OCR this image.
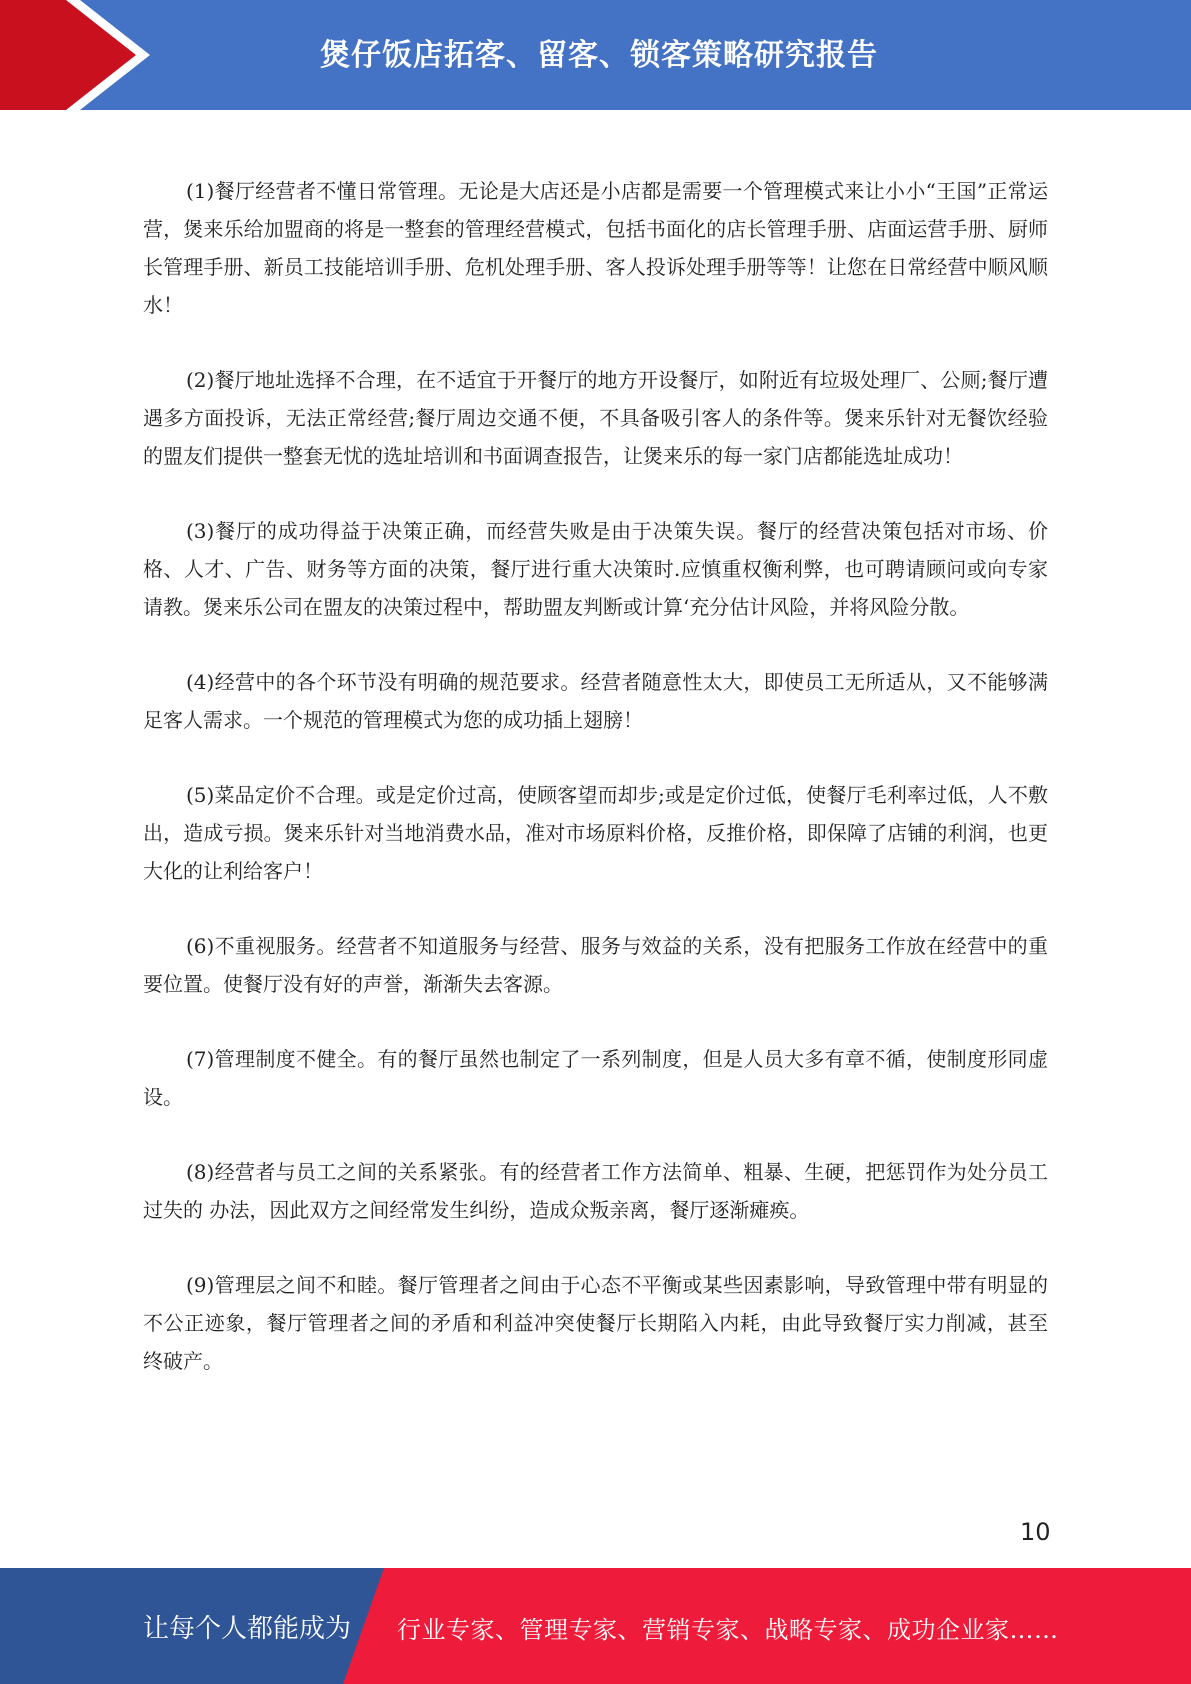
煲仔饭店拓客、留客、锁客策略研究报告

(1)餐厅经营者不懂日常管理。无论是大店还是小店都是需要一个管理模式来让小小“王国”正常运营，煲来乐给加盟商的将是一整套的管理经营模式，包括书面化的店长管理手册、店面运营手册、厨师长管理手册、新员工技能培训手册、危机处理手册、客人投诉处理手册等等！让您在日常经营中顺风顺水！

(2)餐厅地址选择不合理，在不适宜于开餐厅的地方开设餐厅，如附近有垃圾处理厂、公厕;餐厅遭遇多方面投诉，无法正常经营;餐厅周边交通不便，不具备吸引客人的条件等。煲来乐针对无餐饮经验的盟友们提供一整套无忧的选址培训和书面调查报告，让煲来乐的每一家门店都能选址成功！

(3)餐厅的成功得益于决策正确，而经营失败是由于决策失误。餐厅的经营决策包括对市场、价格、人才、广告、财务等方面的决策，餐厅进行重大决策时.应慎重权衡利弊，也可聘请顾问或向专家请教。煲来乐公司在盟友的决策过程中，帮助盟友判断或计算‘充分估计风险，并将风险分散。

(4)经营中的各个环节没有明确的规范要求。经营者随意性太大，即使员工无所适从，又不能够满足客人需求。一个规范的管理模式为您的成功插上翅膀！

(5)菜品定价不合理。或是定价过高，使顾客望而却步;或是定价过低，使餐厅毛利率过低，人不敷出，造成亏损。煲来乐针对当地消费水品，准对市场原料价格，反推价格，即保障了店铺的利润，也更大化的让利给客户！

(6)不重视服务。经营者不知道服务与经营、服务与效益的关系，没有把服务工作放在经营中的重要位置。使餐厅没有好的声誉，渐渐失去客源。

(7)管理制度不健全。有的餐厅虽然也制定了一系列制度，但是人员大多有章不循，使制度形同虚设。

(8)经营者与员工之间的关系紧张。有的经营者工作方法简单、粗暴、生硬，把惩罚作为处分员工过失的 办法，因此双方之间经常发生纠纷，造成众叛亲离，餐厅逐渐瘫痪。

(9)管理层之间不和睦。餐厅管理者之间由于心态不平衡或某些因素影响，导致管理中带有明显的不公正迹象，餐厅管理者之间的矛盾和利益冲突使餐厅长期陷入内耗，由此导致餐厅实力削减，甚至 终破产。

10
让每个人都能成为 行业专家、管理专家、营销专家、战略专家、成功企业家……
